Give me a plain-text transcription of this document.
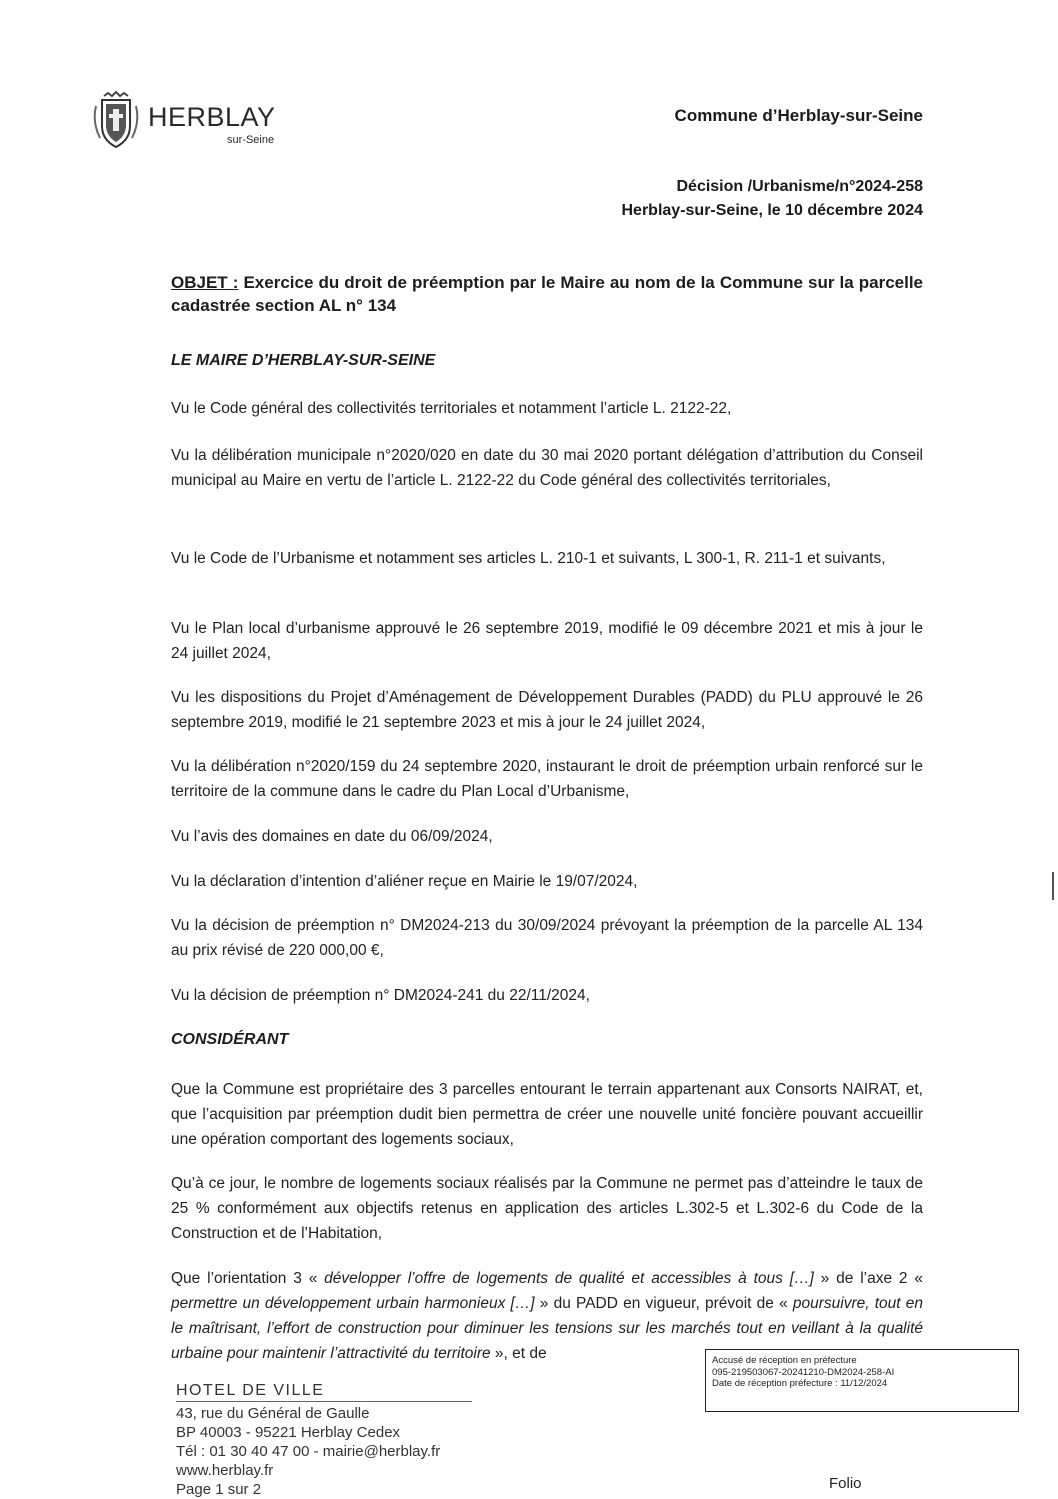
HERBLAY
sur-Seine
Commune d’Herblay-sur-Seine
Décision /Urbanisme/n°2024-258
Herblay-sur-Seine, le 10 décembre 2024
OBJET : Exercice du droit de préemption par le Maire au nom de la Commune sur la parcelle cadastrée section AL n° 134
LE MAIRE D’HERBLAY-SUR-SEINE
Vu le Code général des collectivités territoriales et notamment l’article L. 2122-22,
Vu la délibération municipale n°2020/020 en date du 30 mai 2020 portant délégation d’attribution du Conseil municipal au Maire en vertu de l’article L. 2122-22 du Code général des collectivités territoriales,
Vu le Code de l’Urbanisme et notamment ses articles L. 210-1 et suivants, L 300-1, R. 211-1 et suivants,
Vu le Plan local d’urbanisme approuvé le 26 septembre 2019, modifié le 09 décembre 2021 et mis à jour le 24 juillet 2024,
Vu les dispositions du Projet d’Aménagement de Développement Durables (PADD) du PLU approuvé le 26 septembre 2019, modifié le 21 septembre 2023 et mis à jour le 24 juillet 2024,
Vu la délibération n°2020/159 du 24 septembre 2020, instaurant le droit de préemption urbain renforcé sur le territoire de la commune dans le cadre du Plan Local d’Urbanisme,
Vu l’avis des domaines en date du 06/09/2024,
Vu la déclaration d’intention d’aliéner reçue en Mairie le 19/07/2024,
Vu la décision de préemption n° DM2024-213 du 30/09/2024 prévoyant la préemption de la parcelle AL 134 au prix révisé de 220 000,00 €,
Vu la décision de préemption n° DM2024-241 du 22/11/2024,
CONSIDÉRANT
Que la Commune est propriétaire des 3 parcelles entourant le terrain appartenant aux Consorts NAIRAT, et, que l’acquisition par préemption dudit bien permettra de créer une nouvelle unité foncière pouvant accueillir une opération comportant des logements sociaux,
Qu’à ce jour, le nombre de logements sociaux réalisés par la Commune ne permet pas d’atteindre le taux de 25 % conformément aux objectifs retenus en application des articles L.302-5 et L.302-6 du Code de la Construction et de l’Habitation,
Que l’orientation 3 « développer l’offre de logements de qualité et accessibles à tous […] » de l’axe 2 « permettre un développement urbain harmonieux […] » du PADD en vigueur, prévoit de « poursuivre, tout en le maîtrisant, l’effort de construction pour diminuer les tensions sur les marchés tout en veillant à la qualité urbaine pour maintenir l’attractivité du territoire », et de	Accusé de réception en préfecture
095-219503067-20241210-DM2024-258-AI
Date de réception préfecture : 11/12/2024
HOTEL DE VILLE
43, rue du Général de Gaulle
BP 40003 - 95221 Herblay Cedex
Tél : 01 30 40 47 00 - mairie@herblay.fr
www.herblay.fr
Page 1 sur 2	Folio
